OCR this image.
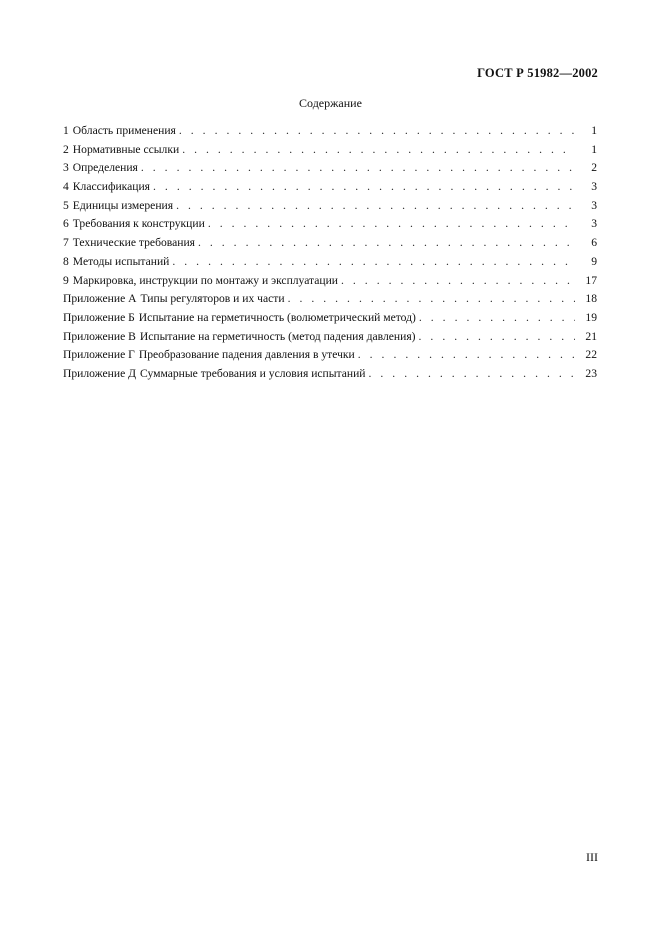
ГОСТ Р 51982—2002
Содержание
1 Область применения . . .	1
2 Нормативные ссылки . . .	1
3 Определения . . .	2
4 Классификация . . .	3
5 Единицы измерения . . .	3
6 Требования к конструкции . . .	3
7 Технические требования . . .	6
8 Методы испытаний . . .	9
9 Маркировка, инструкции по монтажу и эксплуатации . . .	17
Приложение А Типы регуляторов и их части . . .	18
Приложение Б Испытание на герметичность (волюметрический метод) . . .	19
Приложение В Испытание на герметичность (метод падения давления) . . .	21
Приложение Г Преобразование падения давления в утечки . . .	22
Приложение Д Суммарные требования и условия испытаний . . .	23
III
